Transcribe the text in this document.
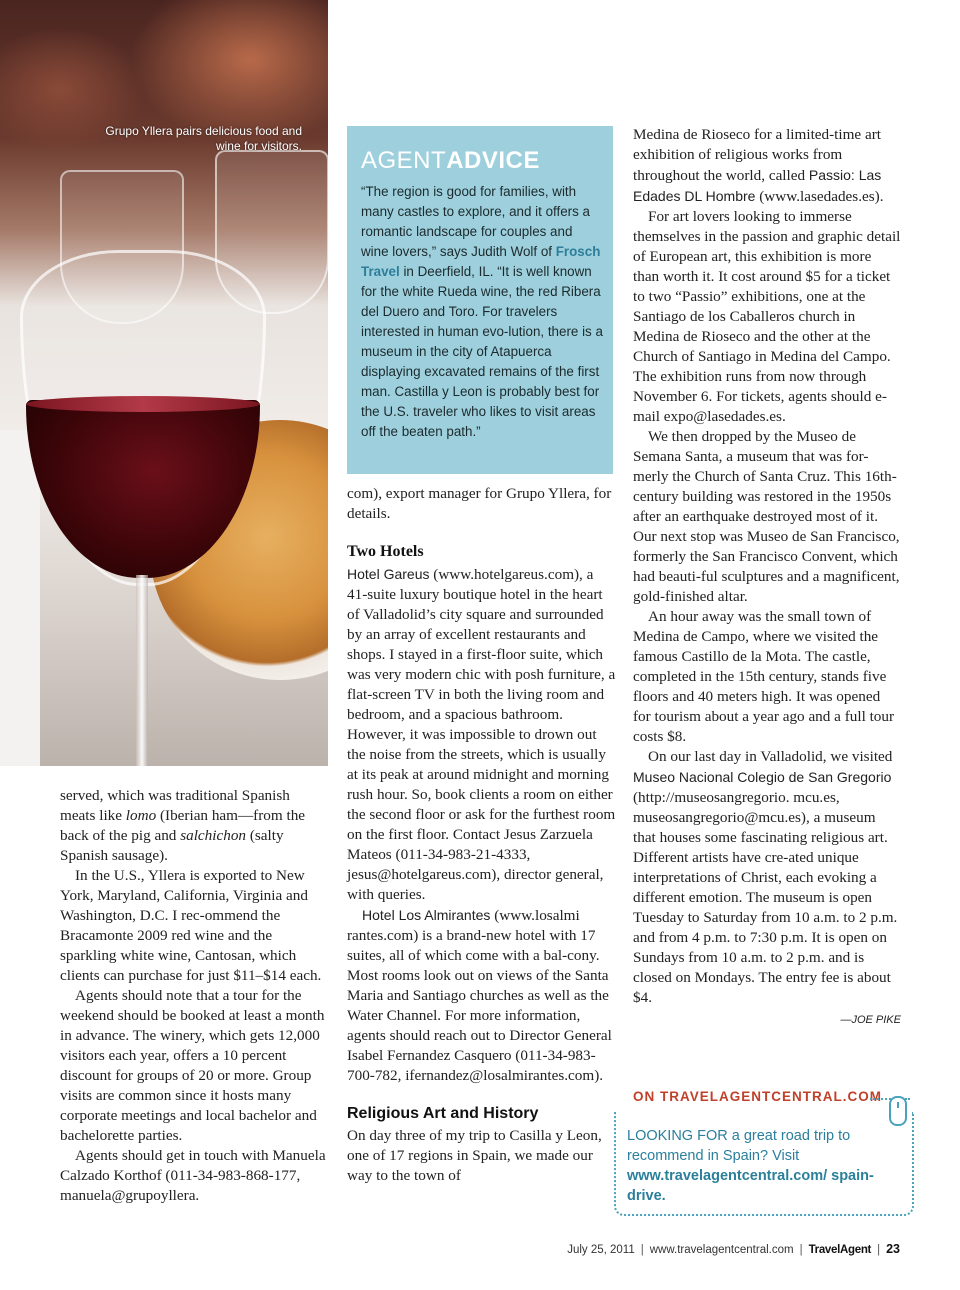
Grupo Yllera pairs delicious food and wine for visitors.

served, which was traditional Spanish meats like lomo (Iberian ham—from the back of the pig and salchichon (salty Spanish sausage).

In the U.S., Yllera is exported to New York, Maryland, California, Virginia and Washington, D.C. I rec-ommend the Bracamonte 2009 red wine and the sparkling white wine, Cantosan, which clients can purchase for just $11–$14 each.

Agents should note that a tour for the weekend should be booked at least a month in advance. The winery, which gets 12,000 visitors each year, offers a 10 percent discount for groups of 20 or more. Group visits are common since it hosts many corporate meetings and local bachelor and bachelorette parties.

Agents should get in touch with Manuela Calzado Korthof (011-34-983-868-177, manuela@grupoyllera.

AGENTADVICE
“The region is good for families, with many castles to explore, and it offers a romantic landscape for couples and wine lovers,” says Judith Wolf of Frosch Travel in Deerfield, IL. “It is well known for the white Rueda wine, the red Ribera del Duero and Toro. For travelers interested in human evo-lution, there is a museum in the city of Atapuerca displaying excavated remains of the first man. Castilla y Leon is probably best for the U.S. traveler who likes to visit areas off the beaten path.”

com), export manager for Grupo Yllera, for details.

Two Hotels

Hotel Gareus (www.hotelgareus.com), a 41-suite luxury boutique hotel in the heart of Valladolid’s city square and surrounded by an array of excellent restaurants and shops. I stayed in a first-floor suite, which was very modern chic with posh furniture, a flat-screen TV in both the living room and bedroom, and a spacious bathroom. However, it was impossible to drown out the noise from the streets, which is usually at its peak at around midnight and morning rush hour. So, book clients a room on either the second floor or ask for the furthest room on the first floor. Contact Jesus Zarzuela Mateos (011-34-983-21-4333, jesus@hotelgareus.com), director general, with queries.

Hotel Los Almirantes (www.losalmi rantes.com) is a brand-new hotel with 17 suites, all of which come with a bal-cony. Most rooms look out on views of the Santa Maria and Santiago churches as well as the Water Channel. For more information, agents should reach out to Director General Isabel Fernandez Casquero (011-34-983-700-782, ifernandez@losalmirantes.com).

Religious Art and History

On day three of my trip to Casilla y Leon, one of 17 regions in Spain, we made our way to the town of

Medina de Rioseco for a limited-time art exhibition of religious works from throughout the world, called Passio: Las Edades DL Hombre (www.lasedades.es).

For art lovers looking to immerse themselves in the passion and graphic detail of European art, this exhibition is more than worth it. It cost around $5 for a ticket to two “Passio” exhibitions, one at the Santiago de los Caballeros church in Medina de Rioseco and the other at the Church of Santiago in Medina del Campo. The exhibition runs from now through November 6. For tickets, agents should e-mail expo@lasedades.es.

We then dropped by the Museo de Semana Santa, a museum that was for-merly the Church of Santa Cruz. This 16th-century building was restored in the 1950s after an earthquake destroyed most of it. Our next stop was Museo de San Francisco, formerly the San Francisco Convent, which had beauti-ful sculptures and a magnificent, gold-finished altar.

An hour away was the small town of Medina de Campo, where we visited the famous Castillo de la Mota. The castle, completed in the 15th century, stands five floors and 40 meters high. It was opened for tourism about a year ago and a full tour costs $8.

On our last day in Valladolid, we visited Museo Nacional Colegio de San Gregorio (http://museosangregorio. mcu.es, museosangregorio@mcu.es), a museum that houses some fascinating religious art. Different artists have cre-ated unique interpretations of Christ, each evoking a different emotion. The museum is open Tuesday to Saturday from 10 a.m. to 2 p.m. and from 4 p.m. to 7:30 p.m. It is open on Sundays from 10 a.m. to 2 p.m. and is closed on Mondays. The entry fee is about $4.

—JOE PIKE
ON TRAVELAGENTCENTRAL.COM
LOOKING FOR a great road trip to recommend in Spain? Visit
www.travelagentcentral.com/ spain-drive.
July 25, 2011 | www.travelagentcentral.com | TravelAgent | 23
